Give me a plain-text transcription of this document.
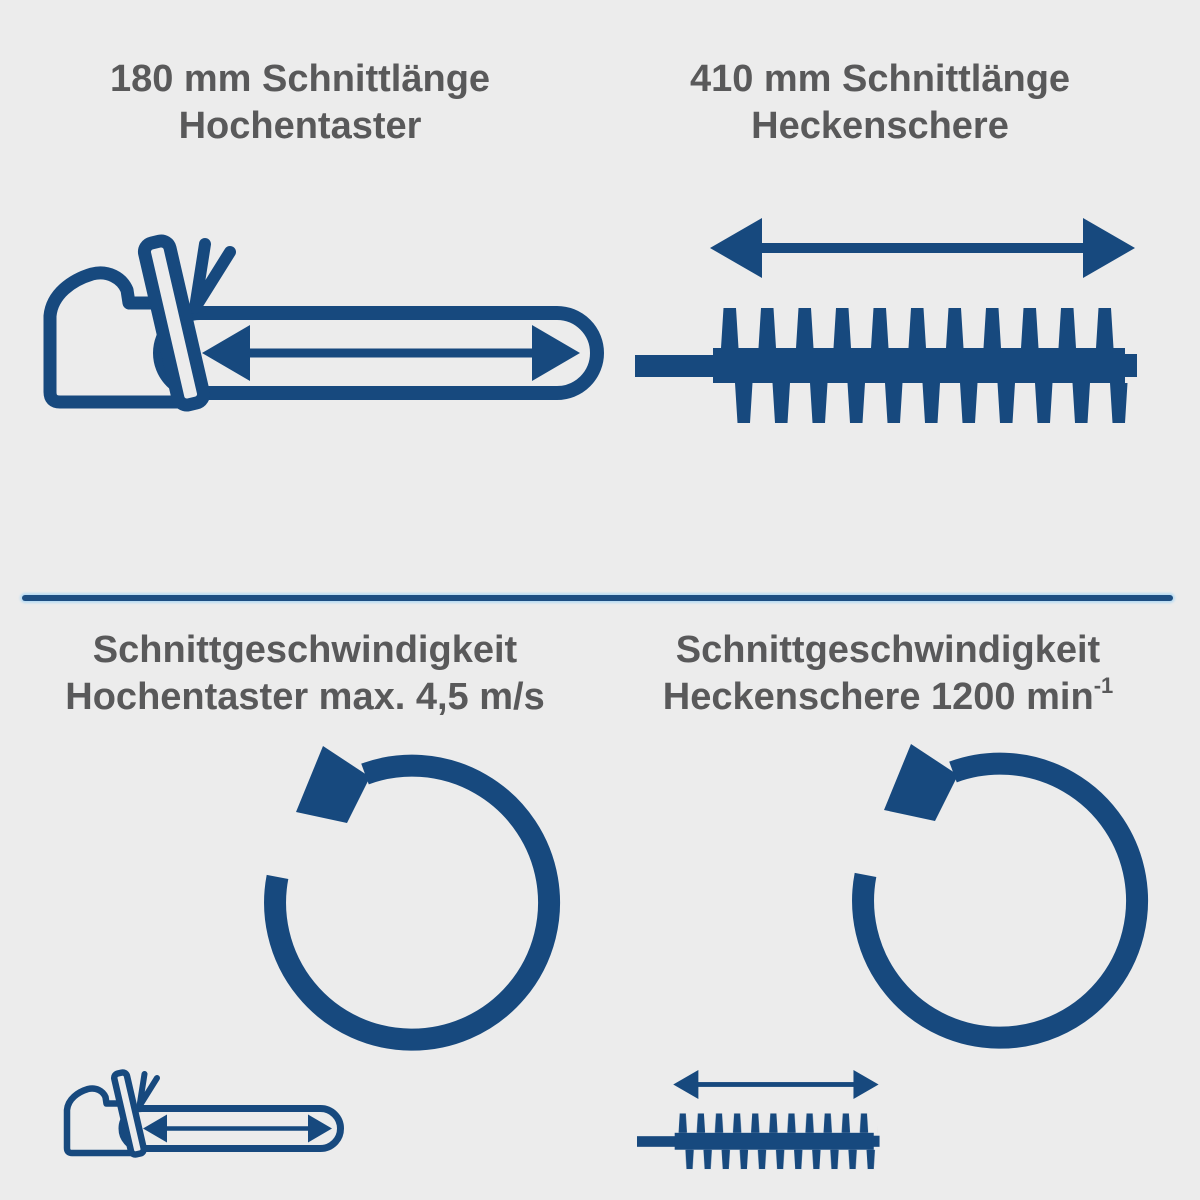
180 mm Schnittlänge
Hochentaster
410 mm Schnittlänge
Heckenschere
Schnittgeschwindigkeit
Hochentaster max. 4,5 m/s
Schnittgeschwindigkeit
Heckenschere 1200 $\min^{-1}$
